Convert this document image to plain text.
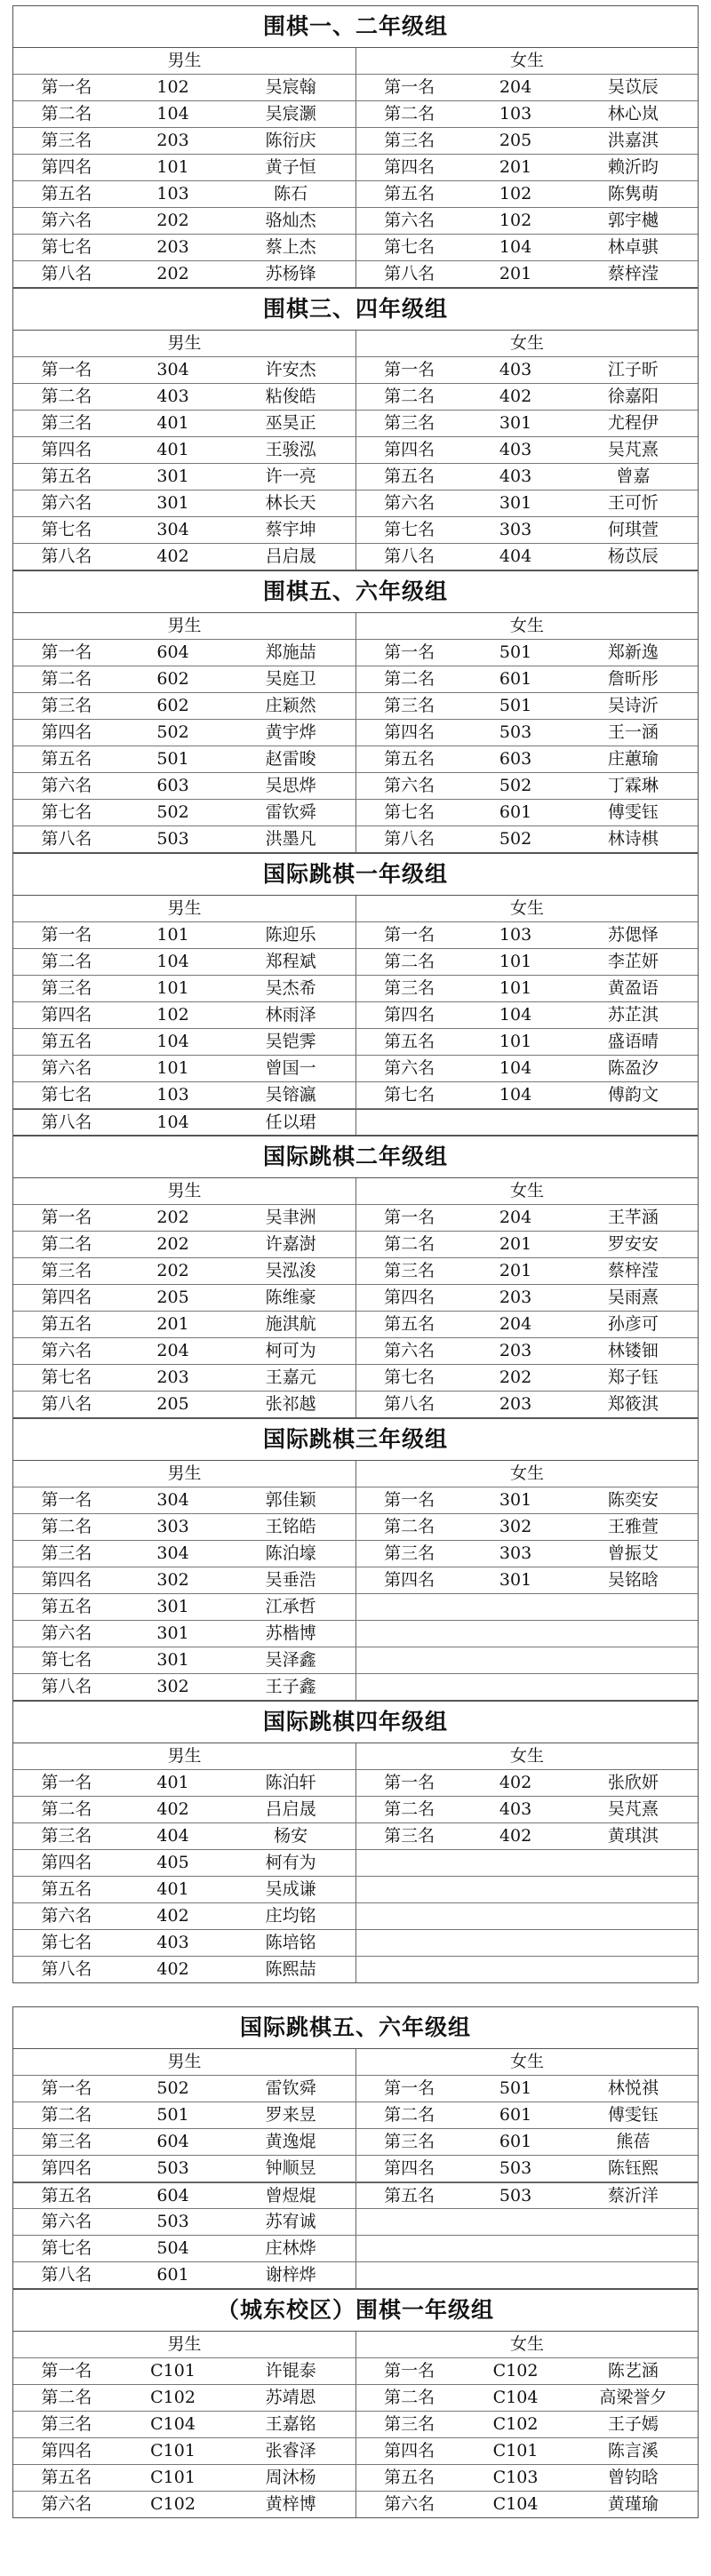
围棋一、二年级组
男生	女生
第一名	102	吴宸翰	第一名	204	吴苡辰
第二名	104	吴宸灏	第二名	103	林心岚
第三名	203	陈衍庆	第三名	205	洪嘉淇
第四名	101	黄子恒	第四名	201	赖沂昀
第五名	103	陈石	第五名	102	陈隽萌
第六名	202	骆灿杰	第六名	102	郭宇樾
第七名	203	蔡上杰	第七名	104	林卓骐
第八名	202	苏杨锋	第八名	201	蔡梓滢
围棋三、四年级组
男生	女生
第一名	304	许安杰	第一名	403	江子昕
第二名	403	粘俊皓	第二名	402	徐嘉阳
第三名	401	巫昊正	第三名	301	尤程伊
第四名	401	王骏泓	第四名	403	吴芃熹
第五名	301	许一亮	第五名	403	曾嘉
第六名	301	林长天	第六名	301	王可忻
第七名	304	蔡宇坤	第七名	303	何琪萱
第八名	402	吕启晟	第八名	404	杨苡辰
围棋五、六年级组
男生	女生
第一名	604	郑施喆	第一名	501	郑新逸
第二名	602	吴庭卫	第二名	601	詹昕彤
第三名	602	庄颖然	第三名	501	吴诗沂
第四名	502	黄宇烨	第四名	503	王一涵
第五名	501	赵雷晙	第五名	603	庄蕙瑜
第六名	603	吴思烨	第六名	502	丁霖琳
第七名	502	雷钦舜	第七名	601	傅雯钰
第八名	503	洪墨凡	第八名	502	林诗棋
国际跳棋一年级组
男生	女生
第一名	101	陈迎乐	第一名	103	苏偲怿
第二名	104	郑程斌	第二名	101	李芷妍
第三名	101	吴杰希	第三名	101	黄盈语
第四名	102	林雨泽	第四名	104	苏芷淇
第五名	104	吴铠霁	第五名	101	盛语晴
第六名	101	曾国一	第六名	104	陈盈汐
第七名	103	吴镕瀛	第七名	104	傅韵文
第八名	104	任以珺
国际跳棋二年级组
男生	女生
第一名	202	吴聿洲	第一名	204	王芊涵
第二名	202	许嘉澍	第二名	201	罗安安
第三名	202	吴泓浚	第三名	201	蔡梓滢
第四名	205	陈维豪	第四名	203	吴雨熹
第五名	201	施淇航	第五名	204	孙彦可
第六名	204	柯可为	第六名	203	林镂钿
第七名	203	王嘉元	第七名	202	郑子钰
第八名	205	张祁越	第八名	203	郑筱淇
国际跳棋三年级组
男生	女生
第一名	304	郭佳颖	第一名	301	陈奕安
第二名	303	王铭皓	第二名	302	王雅萱
第三名	304	陈泊壕	第三名	303	曾振艾
第四名	302	吴垂浩	第四名	301	吴铭晗
第五名	301	江承哲
第六名	301	苏楷博
第七名	301	吴泽鑫
第八名	302	王子鑫
国际跳棋四年级组
男生	女生
第一名	401	陈泊轩	第一名	402	张欣妍
第二名	402	吕启晟	第二名	403	吴芃熹
第三名	404	杨安	第三名	402	黄琪淇
第四名	405	柯有为
第五名	401	吴成谦
第六名	402	庄均铭
第七名	403	陈培铭
第八名	402	陈熙喆
国际跳棋五、六年级组
男生	女生
第一名	502	雷钦舜	第一名	501	林悦祺
第二名	501	罗来昱	第二名	601	傅雯钰
第三名	604	黄逸焜	第三名	601	熊蓓
第四名	503	钟顺昱	第四名	503	陈钰熙
第五名	604	曾煜焜	第五名	503	蔡沂洋
第六名	503	苏宥诚
第七名	504	庄林烨
第八名	601	谢梓烨
（城东校区）围棋一年级组
男生	女生
第一名	C101	许锟泰	第一名	C102	陈艺涵
第二名	C102	苏靖恩	第二名	C104	高梁誉夕
第三名	C104	王嘉铭	第三名	C102	王子嫣
第四名	C101	张睿泽	第四名	C101	陈言溪
第五名	C101	周沐杨	第五名	C103	曾钧晗
第六名	C102	黄梓博	第六名	C104	黄瑾瑜
